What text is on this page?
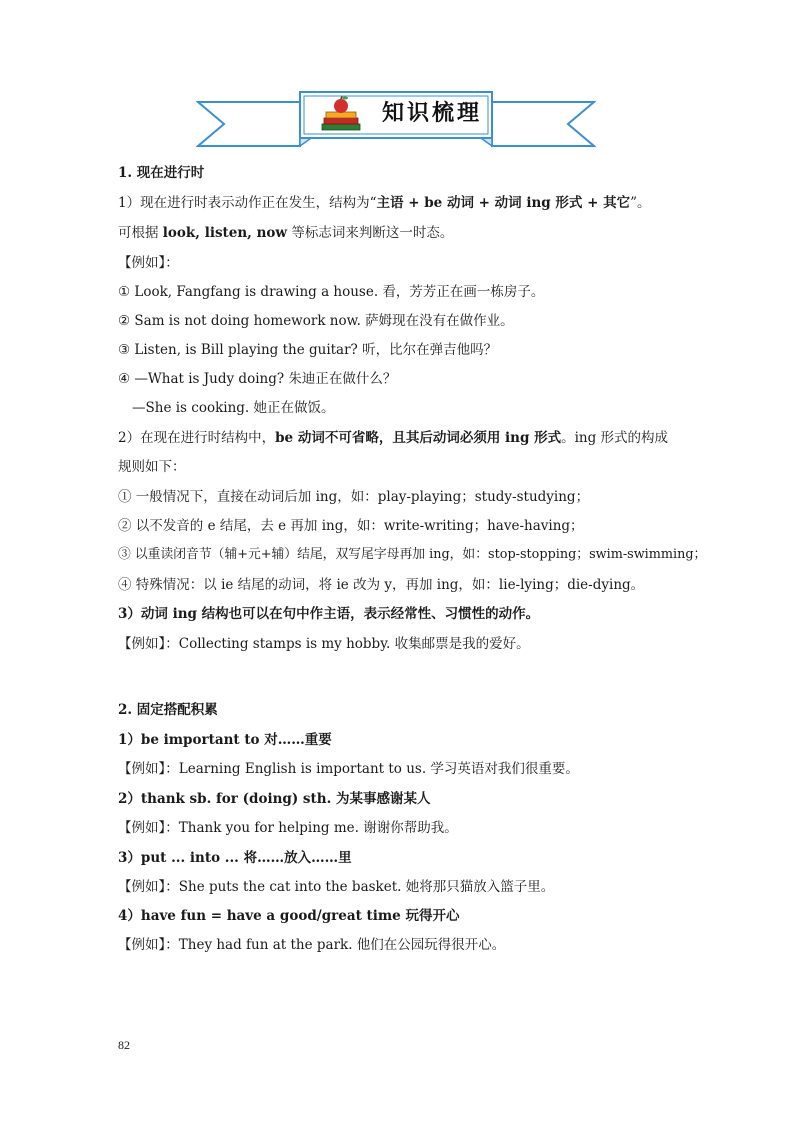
知识梳理
1. 现在进行时
1）现在进行时表示动作正在发生，结构为“主语 + be 动词 + 动词 ing 形式 + 其它”。
可根据 look, listen, now 等标志词来判断这一时态。
【例如】：
① Look, Fangfang is drawing a house. 看，芳芳正在画一栋房子。
② Sam is not doing homework now. 萨姆现在没有在做作业。
③ Listen, is Bill playing the guitar? 听，比尔在弹吉他吗？
④ —What is Judy doing? 朱迪正在做什么？
—She is cooking. 她正在做饭。
2）在现在进行时结构中，be 动词不可省略，且其后动词必须用 ing 形式。ing 形式的构成
规则如下：
① 一般情况下，直接在动词后加 ing，如：play-playing；study-studying；
② 以不发音的 e 结尾，去 e 再加 ing，如：write-writing；have-having；
③ 以重读闭音节（辅+元+辅）结尾，双写尾字母再加 ing，如：stop-stopping；swim-swimming；
④ 特殊情况：以 ie 结尾的动词，将 ie 改为 y，再加 ing，如：lie-lying；die-dying。
3）动词 ing 结构也可以在句中作主语，表示经常性、习惯性的动作。
【例如】：Collecting stamps is my hobby. 收集邮票是我的爱好。
2. 固定搭配积累
1）be important to 对……重要
【例如】：Learning English is important to us. 学习英语对我们很重要。
2）thank sb. for (doing) sth. 为某事感谢某人
【例如】：Thank you for helping me. 谢谢你帮助我。
3）put ... into ... 将……放入……里
【例如】：She puts the cat into the basket. 她将那只猫放入篮子里。
4）have fun = have a good/great time 玩得开心
【例如】：They had fun at the park. 他们在公园玩得很开心。
82
